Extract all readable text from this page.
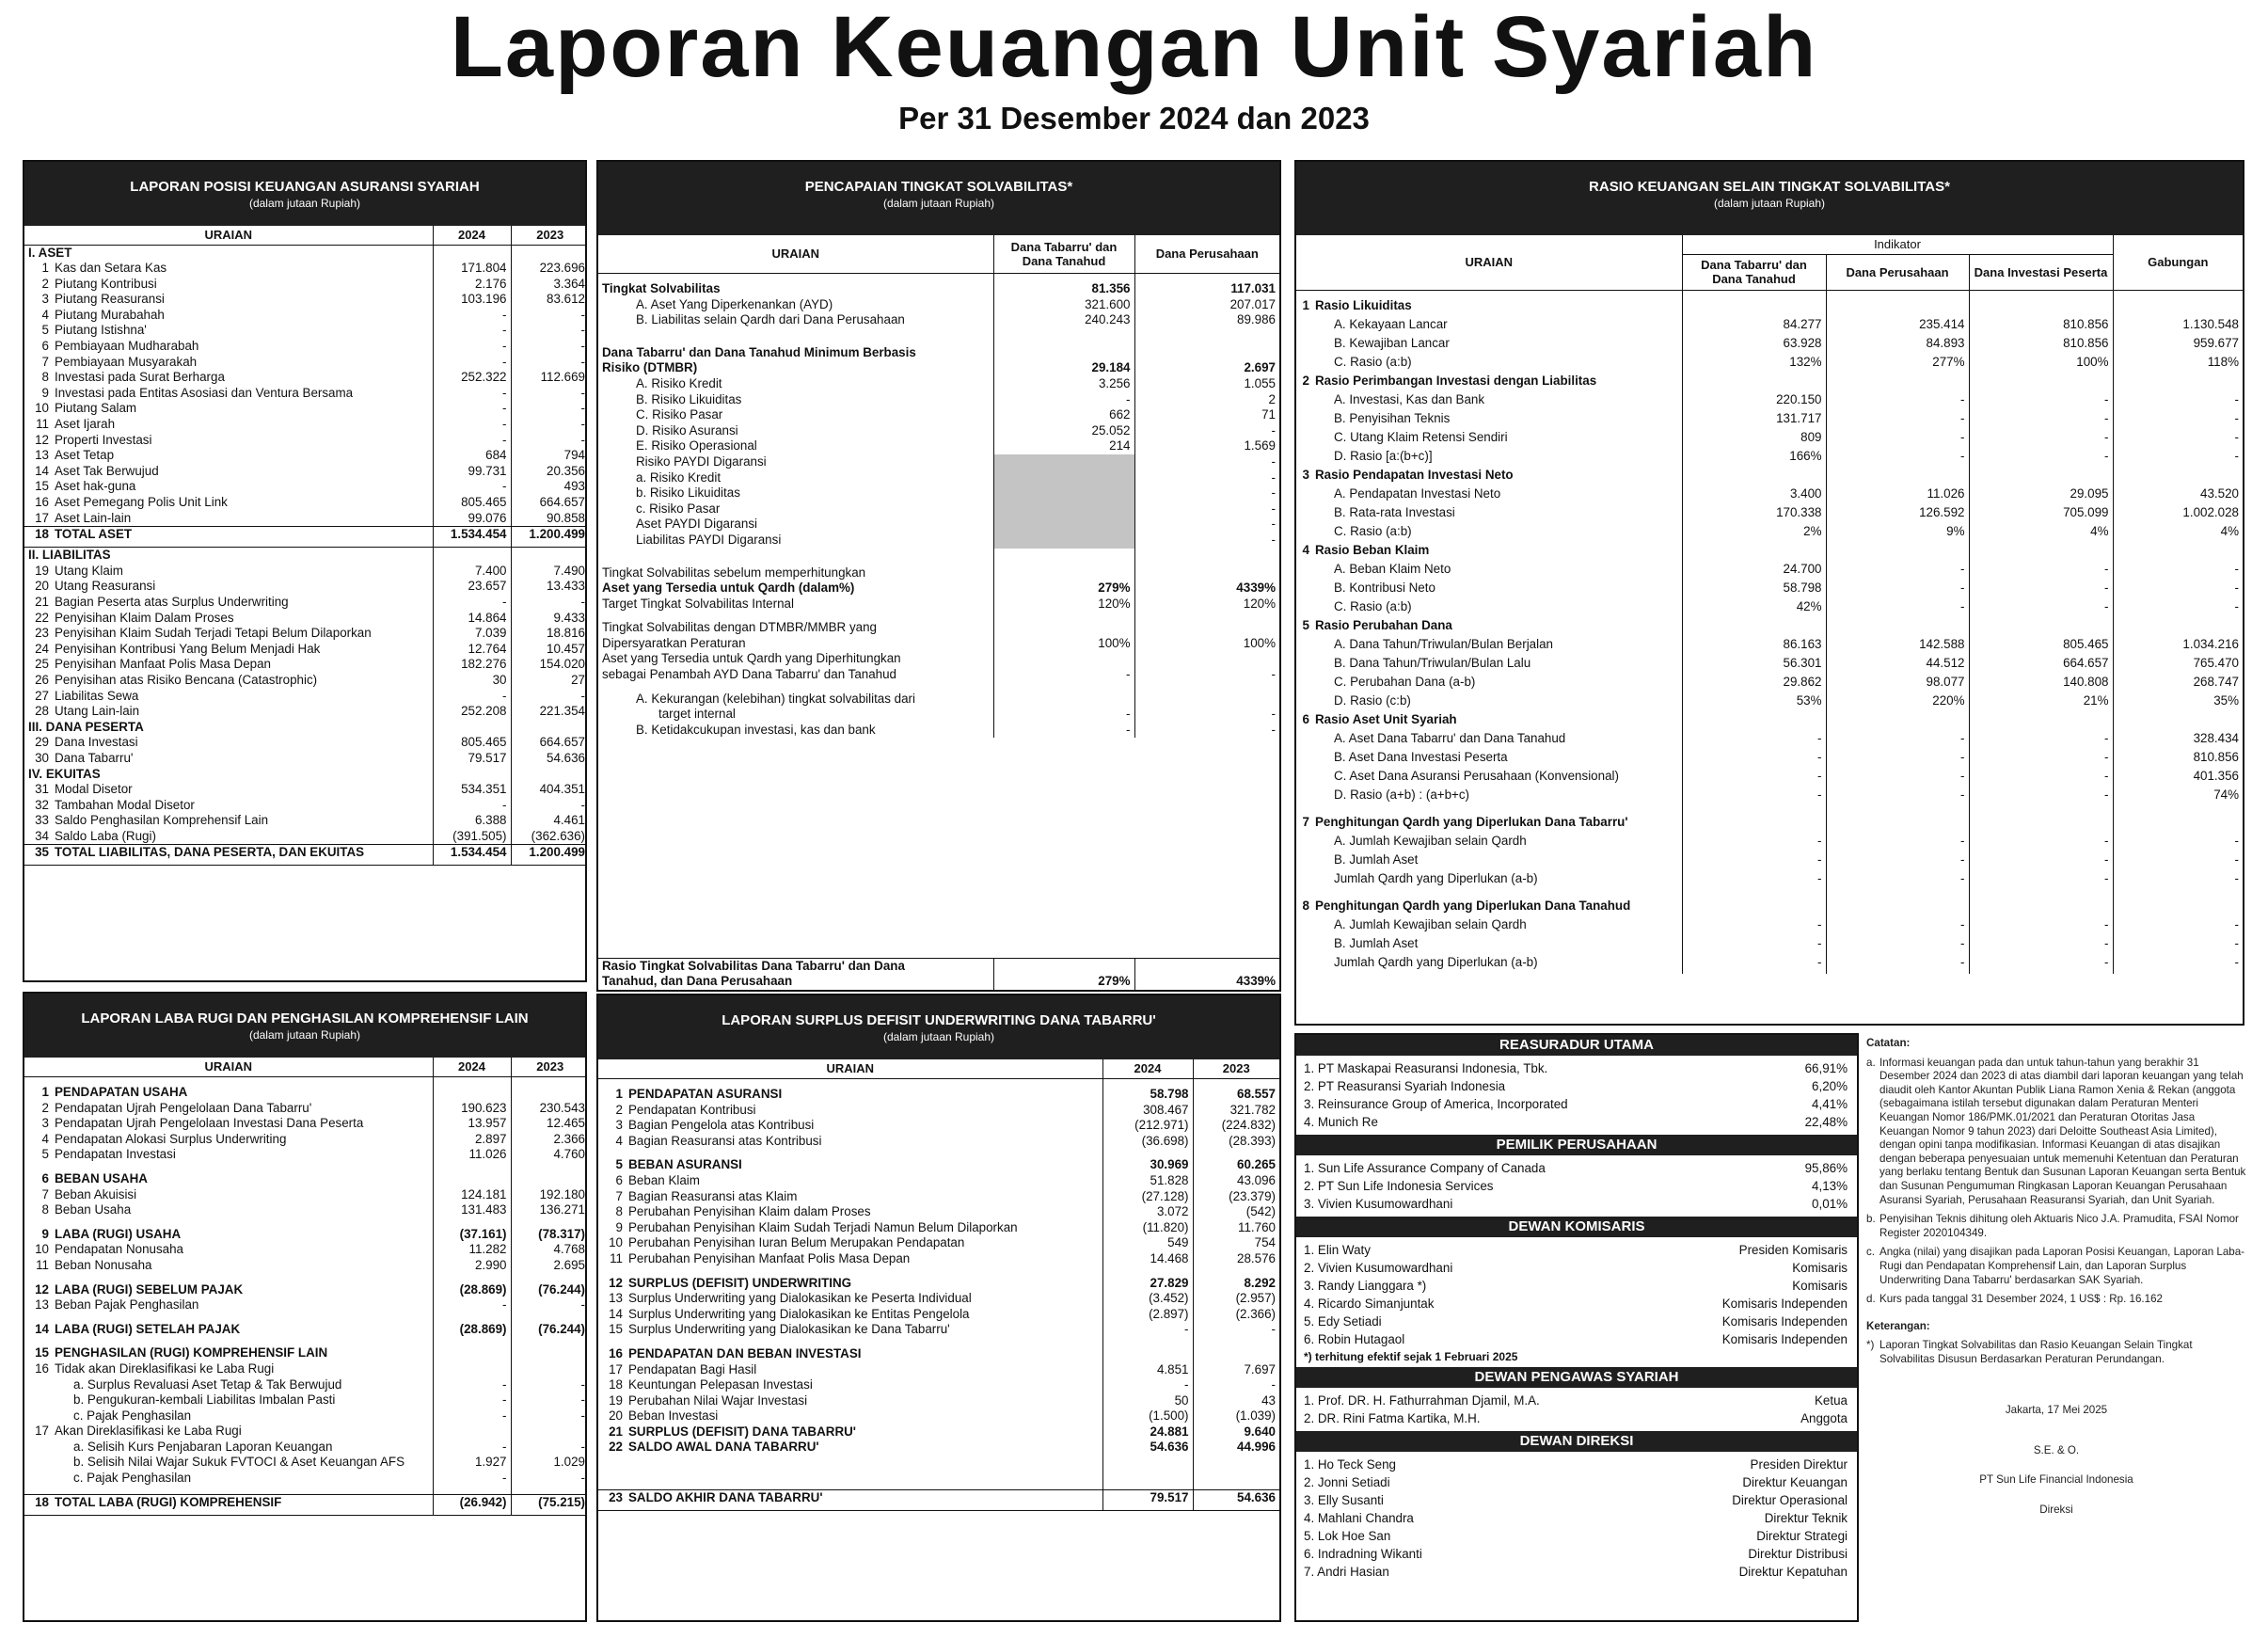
Laporan Keuangan Unit Syariah
Per 31 Desember 2024 dan 2023
LAPORAN POSISI KEUANGAN ASURANSI SYARIAH
(dalam jutaan Rupiah)
URAIAN	2024	2023
I. ASET		
1 Kas dan Setara Kas	171.804	223.696
2 Piutang Kontribusi	2.176	3.364
3 Piutang Reasuransi	103.196	83.612
4 Piutang Murabahah	-	-
5 Piutang Istishna'	-	-
6 Pembiayaan Mudharabah	-	-
7 Pembiayaan Musyarakah	-	-
8 Investasi pada Surat Berharga	252.322	112.669
9 Investasi pada Entitas Asosiasi dan Ventura Bersama	-	-
10 Piutang Salam	-	-
11 Aset Ijarah	-	-
12 Properti Investasi	-	-
13 Aset Tetap	684	794
14 Aset Tak Berwujud	99.731	20.356
15 Aset hak-guna	-	493
16 Aset Pemegang Polis Unit Link	805.465	664.657
17 Aset Lain-lain	99.076	90.858
18 TOTAL ASET	1.534.454	1.200.499
II. LIABILITAS		
19 Utang Klaim	7.400	7.490
20 Utang Reasuransi	23.657	13.433
21 Bagian Peserta atas Surplus Underwriting	-	-
22 Penyisihan Klaim Dalam Proses	14.864	9.433
23 Penyisihan Klaim Sudah Terjadi Tetapi Belum Dilaporkan	7.039	18.816
24 Penyisihan Kontribusi Yang Belum Menjadi Hak	12.764	10.457
25 Penyisihan Manfaat Polis Masa Depan	182.276	154.020
26 Penyisihan atas Risiko Bencana (Catastrophic)	30	27
27 Liabilitas Sewa	-	-
28 Utang Lain-lain	252.208	221.354
III. DANA PESERTA		
29 Dana Investasi	805.465	664.657
30 Dana Tabarru'	79.517	54.636
IV. EKUITAS		
31 Modal Disetor	534.351	404.351
32 Tambahan Modal Disetor	-	-
33 Saldo Penghasilan Komprehensif Lain	6.388	4.461
34 Saldo Laba (Rugi)	(391.505)	(362.636)
35 TOTAL LIABILITAS, DANA PESERTA, DAN EKUITAS	1.534.454	1.200.499
LAPORAN LABA RUGI DAN PENGHASILAN KOMPREHENSIF LAIN
(dalam jutaan Rupiah)
URAIAN	2024	2023

1 PENDAPATAN USAHA		
2 Pendapatan Ujrah Pengelolaan Dana Tabarru'	190.623	230.543
3 Pendapatan Ujrah Pengelolaan Investasi Dana Peserta	13.957	12.465
4 Pendapatan Alokasi Surplus Underwriting	2.897	2.366
5 Pendapatan Investasi	11.026	4.760

6 BEBAN USAHA		
7 Beban Akuisisi	124.181	192.180
8 Beban Usaha	131.483	136.271

9 LABA (RUGI) USAHA	(37.161)	(78.317)
10 Pendapatan Nonusaha	11.282	4.768
11 Beban Nonusaha	2.990	2.695

12 LABA (RUGI) SEBELUM PAJAK	(28.869)	(76.244)
13 Beban Pajak Penghasilan	-	-

14 LABA (RUGI) SETELAH PAJAK	(28.869)	(76.244)

15 PENGHASILAN (RUGI) KOMPREHENSIF LAIN		
16 Tidak akan Direklasifikasi ke Laba Rugi		
a. Surplus Revaluasi Aset Tetap & Tak Berwujud	-	-
b. Pengukuran-kembali Liabilitas Imbalan Pasti	-	-
c. Pajak Penghasilan	-	-
17 Akan Direklasifikasi ke Laba Rugi		
a. Selisih Kurs Penjabaran Laporan Keuangan	-	-
b. Selisih Nilai Wajar Sukuk FVTOCI & Aset Keuangan AFS	1.927	1.029
c. Pajak Penghasilan	-	-

18 TOTAL LABA (RUGI) KOMPREHENSIF	(26.942)	(75.215)
PENCAPAIAN TINGKAT SOLVABILITAS*
(dalam jutaan Rupiah)
URAIAN	Dana Tabarru' dan Dana Tanahud	Dana Perusahaan

Tingkat Solvabilitas	81.356	117.031
A. Aset Yang Diperkenankan (AYD)	321.600	207.017
B. Liabilitas selain Qardh dari Dana Perusahaan	240.243	89.986

Dana Tabarru' dan Dana Tanahud Minimum Berbasis		
Risiko (DTMBR)	29.184	2.697
A. Risiko Kredit	3.256	1.055
B. Risiko Likuiditas	-	2
C. Risiko Pasar	662	71
D. Risiko Asuransi	25.052	-
E. Risiko Operasional	214	1.569
Risiko PAYDI Digaransi		-
a. Risiko Kredit		-
b. Risiko Likuiditas		-
c. Risiko Pasar		-

Aset PAYDI Digaransi		-
Liabilitas PAYDI Digaransi		-

Tingkat Solvabilitas sebelum memperhitungkan		
Aset yang Tersedia untuk Qardh (dalam%)	279%	4339%
Target Tingkat Solvabilitas Internal	120%	120%

Tingkat Solvabilitas dengan DTMBR/MMBR yang		
Dipersyaratkan Peraturan	100%	100%
Aset yang Tersedia untuk Qardh yang Diperhitungkan		
sebagai Penambah AYD Dana Tabarru' dan Tanahud	-	-

A. Kekurangan (kelebihan) tingkat solvabilitas dari		
target internal	-	-
B. Ketidakcukupan investasi, kas dan bank	-	-
Rasio Tingkat Solvabilitas Dana Tabarru' dan Dana		
Tanahud, dan Dana Perusahaan	279%	4339%
LAPORAN SURPLUS DEFISIT UNDERWRITING DANA TABARRU'
(dalam jutaan Rupiah)
URAIAN	2024	2023

1 PENDAPATAN ASURANSI	58.798	68.557
2 Pendapatan Kontribusi	308.467	321.782
3 Bagian Pengelola atas Kontribusi	(212.971)	(224.832)
4 Bagian Reasuransi atas Kontribusi	(36.698)	(28.393)

5 BEBAN ASURANSI	30.969	60.265
6 Beban Klaim	51.828	43.096
7 Bagian Reasuransi atas Klaim	(27.128)	(23.379)
8 Perubahan Penyisihan Klaim dalam Proses	3.072	(542)
9 Perubahan Penyisihan Klaim Sudah Terjadi Namun Belum Dilaporkan	(11.820)	11.760
10 Perubahan Penyisihan Iuran Belum Merupakan Pendapatan	549	754
11 Perubahan Penyisihan Manfaat Polis Masa Depan	14.468	28.576

12 SURPLUS (DEFISIT) UNDERWRITING	27.829	8.292
13 Surplus Underwriting yang Dialokasikan ke Peserta Individual	(3.452)	(2.957)
14 Surplus Underwriting yang Dialokasikan ke Entitas Pengelola	(2.897)	(2.366)
15 Surplus Underwriting yang Dialokasikan ke Dana Tabarru'	-	-

16 PENDAPATAN DAN BEBAN INVESTASI		
17 Pendapatan Bagi Hasil	4.851	7.697
18 Keuntungan Pelepasan Investasi	-	-
19 Perubahan Nilai Wajar Investasi	50	43
20 Beban Investasi	(1.500)	(1.039)
21 SURPLUS (DEFISIT) DANA TABARRU'	24.881	9.640
22 SALDO AWAL DANA TABARRU'	54.636	44.996

23 SALDO AKHIR DANA TABARRU'	79.517	54.636
RASIO KEUANGAN SELAIN TINGKAT SOLVABILITAS*
(dalam jutaan Rupiah)
URAIAN	Indikator			Gabungan
	Dana Tabarru' dan Dana Tanahud	Dana Perusahaan	Dana Investasi Peserta	

1 Rasio Likuiditas				
A. Kekayaan Lancar	84.277	235.414	810.856	1.130.548
B. Kewajiban Lancar	63.928	84.893	810.856	959.677
C. Rasio (a:b)	132%	277%	100%	118%
2 Rasio Perimbangan Investasi dengan Liabilitas				
A. Investasi, Kas dan Bank	220.150	-	-	-
B. Penyisihan Teknis	131.717	-	-	-
C. Utang Klaim Retensi Sendiri	809	-	-	-
D. Rasio [a:(b+c)]	166%	-	-	-
3 Rasio Pendapatan Investasi Neto				
A. Pendapatan Investasi Neto	3.400	11.026	29.095	43.520
B. Rata-rata Investasi	170.338	126.592	705.099	1.002.028
C. Rasio (a:b)	2%	9%	4%	4%
4 Rasio Beban Klaim				
A. Beban Klaim Neto	24.700	-	-	-
B. Kontribusi Neto	58.798	-	-	-
C. Rasio (a:b)	42%	-	-	-
5 Rasio Perubahan Dana				
A. Dana Tahun/Triwulan/Bulan Berjalan	86.163	142.588	805.465	1.034.216
B. Dana Tahun/Triwulan/Bulan Lalu	56.301	44.512	664.657	765.470
C. Perubahan Dana (a-b)	29.862	98.077	140.808	268.747
D. Rasio (c:b)	53%	220%	21%	35%
6 Rasio Aset Unit Syariah				
A. Aset Dana Tabarru' dan Dana Tanahud	-	-	-	328.434
B. Aset Dana Investasi Peserta	-	-	-	810.856
C. Aset Dana Asuransi Perusahaan (Konvensional)	-	-	-	401.356
D. Rasio (a+b) : (a+b+c)	-	-	-	74%

7 Penghitungan Qardh yang Diperlukan Dana Tabarru'				
A. Jumlah Kewajiban selain Qardh	-	-	-	-
B. Jumlah Aset	-	-	-	-
Jumlah Qardh yang Diperlukan (a-b)	-	-	-	-

8 Penghitungan Qardh yang Diperlukan Dana Tanahud				
A. Jumlah Kewajiban selain Qardh	-	-	-	-
B. Jumlah Aset	-	-	-	-
Jumlah Qardh yang Diperlukan (a-b)	-	-	-	-
REASURADUR UTAMA
1. PT Maskapai Reasuransi Indonesia, Tbk.	66,91%
2. PT Reasuransi Syariah Indonesia	6,20%
3. Reinsurance Group of America, Incorporated	4,41%
4. Munich Re	22,48%
PEMILIK PERUSAHAAN
1. Sun Life Assurance Company of Canada	95,86%
2. PT Sun Life Indonesia Services	4,13%
3. Vivien Kusumowardhani	0,01%
DEWAN KOMISARIS
1. Elin Waty	Presiden Komisaris
2. Vivien Kusumowardhani	Komisaris
3. Randy Lianggara *)	Komisaris
4. Ricardo Simanjuntak	Komisaris Independen
5. Edy Setiadi	Komisaris Independen
6. Robin Hutagaol	Komisaris Independen
*) terhitung efektif sejak 1 Februari 2025
DEWAN PENGAWAS SYARIAH
1. Prof. DR. H. Fathurrahman Djamil, M.A.	Ketua
2. DR. Rini Fatma Kartika, M.H.	Anggota
DEWAN DIREKSI
1. Ho Teck Seng	Presiden Direktur
2. Jonni Setiadi	Direktur Keuangan
3. Elly Susanti	Direktur Operasional
4. Mahlani Chandra	Direktur Teknik
5. Lok Hoe San	Direktur Strategi
6. Indradning Wikanti	Direktur Distribusi
7. Andri Hasian	Direktur Kepatuhan

Catatan:

a. Informasi keuangan pada dan untuk tahun-tahun yang berakhir 31 Desember 2024 dan 2023 di atas diambil dari laporan keuangan yang telah diaudit oleh Kantor Akuntan Publik Liana Ramon Xenia & Rekan (anggota (sebagaimana istilah tersebut digunakan dalam Peraturan Menteri Keuangan Nomor 186/PMK.01/2021 dan Peraturan Otoritas Jasa Keuangan Nomor 9 tahun 2023) dari Deloitte Southeast Asia Limited), dengan opini tanpa modifikasian. Informasi Keuangan di atas disajikan dengan beberapa penyesuaian untuk memenuhi Ketentuan dan Peraturan yang berlaku tentang Bentuk dan Susunan Laporan Keuangan serta Bentuk dan Susunan Pengumuman Ringkasan Laporan Keuangan Perusahaan Asuransi Syariah, Perusahaan Reasuransi Syariah, dan Unit Syariah.

b. Penyisihan Teknis dihitung oleh Aktuaris Nico J.A. Pramudita, FSAI Nomor Register 2020104349.

c. Angka (nilai) yang disajikan pada Laporan Posisi Keuangan, Laporan Laba-Rugi dan Pendapatan Komprehensif Lain, dan Laporan Surplus Underwriting Dana Tabarru' berdasarkan SAK Syariah.

d. Kurs pada tanggal 31 Desember 2024, 1 US$ : Rp. 16.162

Keterangan:

*) Laporan Tingkat Solvabilitas dan Rasio Keuangan Selain Tingkat Solvabilitas Disusun Berdasarkan Peraturan Perundangan.

Jakarta, 17 Mei 2025

S.E. & O.

PT Sun Life Financial Indonesia

Direksi
